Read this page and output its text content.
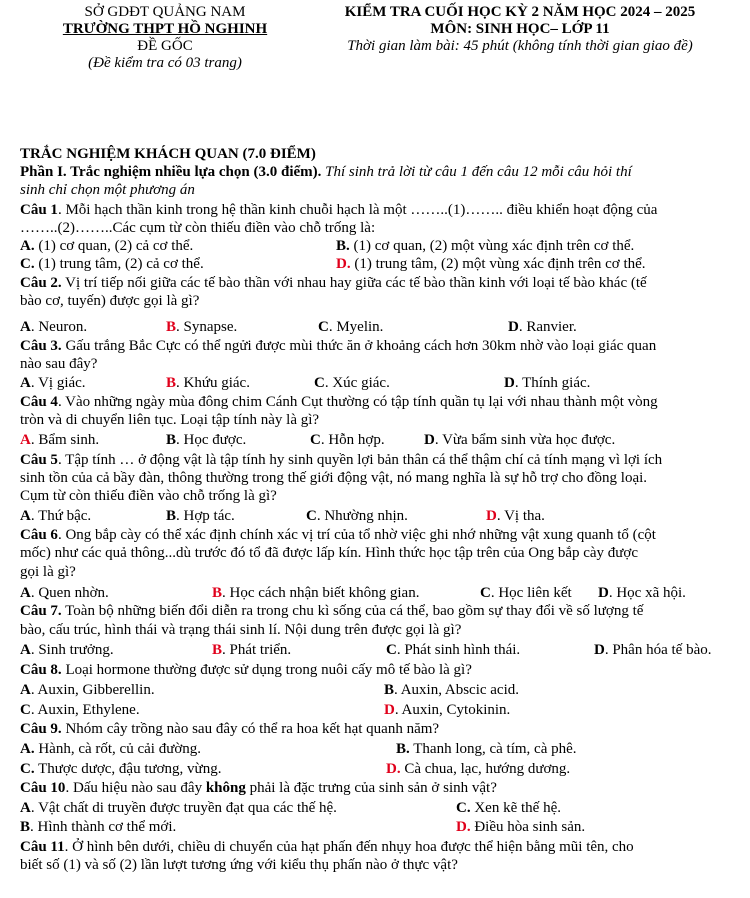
SỞ GDĐT QUẢNG NAM
TRƯỜNG THPT HỒ NGHINH
ĐỀ GỐC
(Đề kiểm tra có 03 trang)
KIỂM TRA CUỐI HỌC KỲ 2 NĂM HỌC 2024 – 2025
MÔN: SINH HỌC– LỚP 11
Thời gian làm bài: 45 phút (không tính thời gian giao đề)
TRẮC NGHIỆM KHÁCH QUAN (7.0 ĐIỂM)
Phần I. Trắc nghiệm nhiều lựa chọn (3.0 điểm). Thí sinh trả lời từ câu 1 đến câu 12 mỗi câu hỏi thí
sinh chỉ chọn một phương án
Câu 1. Mỗi hạch thần kinh trong hệ thần kinh chuỗi hạch là một ……..(1)…….. điều khiển hoạt động của
……..(2)……..Các cụm từ còn thiếu điền vào chỗ trống là:
A. (1) cơ quan, (2) cả cơ thể.	B. (1) cơ quan, (2) một vùng xác định trên cơ thể.
C. (1) trung tâm, (2) cả cơ thể.	D. (1) trung tâm, (2) một vùng xác định trên cơ thể.
Câu 2. Vị trí tiếp nối giữa các tế bào thần với nhau hay giữa các tế bào thần kinh với loại tế bào khác (tế
bào cơ, tuyến) được gọi là gì?
A. Neuron.	B. Synapse.	C. Myelin.	D. Ranvier.
Câu 3. Gấu trắng Bắc Cực có thể ngửi được mùi thức ăn ở khoảng cách hơn 30km nhờ vào loại giác quan
nào sau đây?
A. Vị giác.	B. Khứu giác.	C. Xúc giác.	D. Thính giác.
Câu 4. Vào những ngày mùa đông chim Cánh Cụt thường có tập tính quần tụ lại với nhau thành một vòng
tròn và di chuyển liên tục. Loại tập tính này là gì?
A. Bẩm sinh.	B. Học được.	C. Hỗn hợp.	D. Vừa bẩm sinh vừa học được.
Câu 5. Tập tính … ở động vật là tập tính hy sinh quyền lợi bản thân cá thể thậm chí cả tính mạng vì lợi ích
sinh tồn của cả bầy đàn, thông thường trong thế giới động vật, nó mang nghĩa là sự hỗ trợ cho đồng loại.
Cụm từ còn thiếu điền vào chỗ trống là gì?
A. Thứ bậc.	B. Hợp tác.	C. Nhường nhịn.	D. Vị tha.
Câu 6. Ong bắp cày có thể xác định chính xác vị trí của tổ nhờ việc ghi nhớ những vật xung quanh tổ (cột
mốc) như các quả thông...dù trước đó tổ đã được lấp kín. Hình thức học tập trên của Ong bắp cày được
gọi là gì?
A. Quen nhờn.	B. Học cách nhận biết không gian.	C. Học liên kết D. Học xã hội.
Câu 7. Toàn bộ những biến đổi diễn ra trong chu kì sống của cá thể, bao gồm sự thay đổi về số lượng tế
bào, cấu trúc, hình thái và trạng thái sinh lí. Nội dung trên được gọi là gì?
A. Sinh trưởng.	B. Phát triển.	C. Phát sinh hình thái.	D. Phân hóa tế bào.
Câu 8. Loại hormone thường được sử dụng trong nuôi cấy mô tế bào là gì?
A. Auxin, Gibberellin.	B. Auxin, Abscic acid.
C. Auxin, Ethylene.	D. Auxin, Cytokinin.
Câu 9. Nhóm cây trồng nào sau đây có thể ra hoa kết hạt quanh năm?
A. Hành, cà rốt, củ cải đường.	B. Thanh long, cà tím, cà phê.
C. Thược dược, đậu tương, vừng.	D. Cà chua, lạc, hướng dương.
Câu 10. Dấu hiệu nào sau đây không phải là đặc trưng của sinh sản ở sinh vật?
A. Vật chất di truyền được truyền đạt qua các thế hệ.	C. Xen kẽ thế hệ.
B. Hình thành cơ thể mới.	D. Điều hòa sinh sản.
Câu 11. Ở hình bên dưới, chiều di chuyển của hạt phấn đến nhụy hoa được thể hiện bằng mũi tên, cho
biết số (1) và số (2) lần lượt tương ứng với kiểu thụ phấn nào ở thực vật?
